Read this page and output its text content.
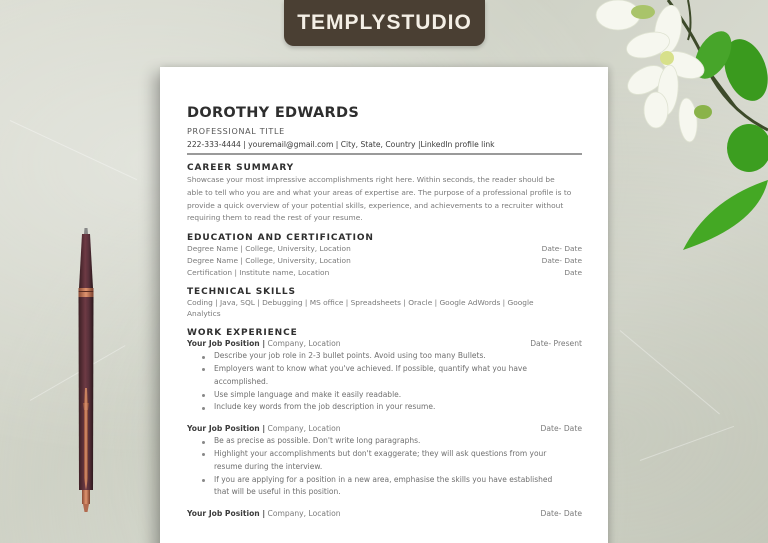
TEMPLYSTUDIO
DOROTHY EDWARDS
PROFESSIONAL TITLE
222-333-4444 | youremail@gmail.com | City, State, Country |LinkedIn profile link
CAREER SUMMARY
Showcase your most impressive accomplishments right here. Within seconds, the reader should be
able to tell who you are and what your areas of expertise are. The purpose of a professional profile is to
provide a quick overview of your potential skills, experience, and achievements to a recruiter without
requiring them to read the rest of your resume.
EDUCATION AND CERTIFICATION
Degree Name | College, University, Location	Date- Date
Degree Name | College, University, Location	Date- Date
Certification | Institute name, Location	Date
TECHNICAL SKILLS
Coding | Java, SQL | Debugging | MS office | Spreadsheets | Oracle | Google AdWords | Google
Analytics
WORK EXPERIENCE
Your Job Position | Company, Location	Date- Present
Describe your job role in 2-3 bullet points. Avoid using too many Bullets.
Employers want to know what you've achieved. If possible, quantify what you have
accomplished.
Use simple language and make it easily readable.
Include key words from the job description in your resume.
Your Job Position | Company, Location	Date- Date
Be as precise as possible. Don't write long paragraphs.
Highlight your accomplishments but don't exaggerate; they will ask questions from your
resume during the interview.
If you are applying for a position in a new area, emphasise the skills you have established
that will be useful in this position.
Your Job Position | Company, Location	Date- Date
